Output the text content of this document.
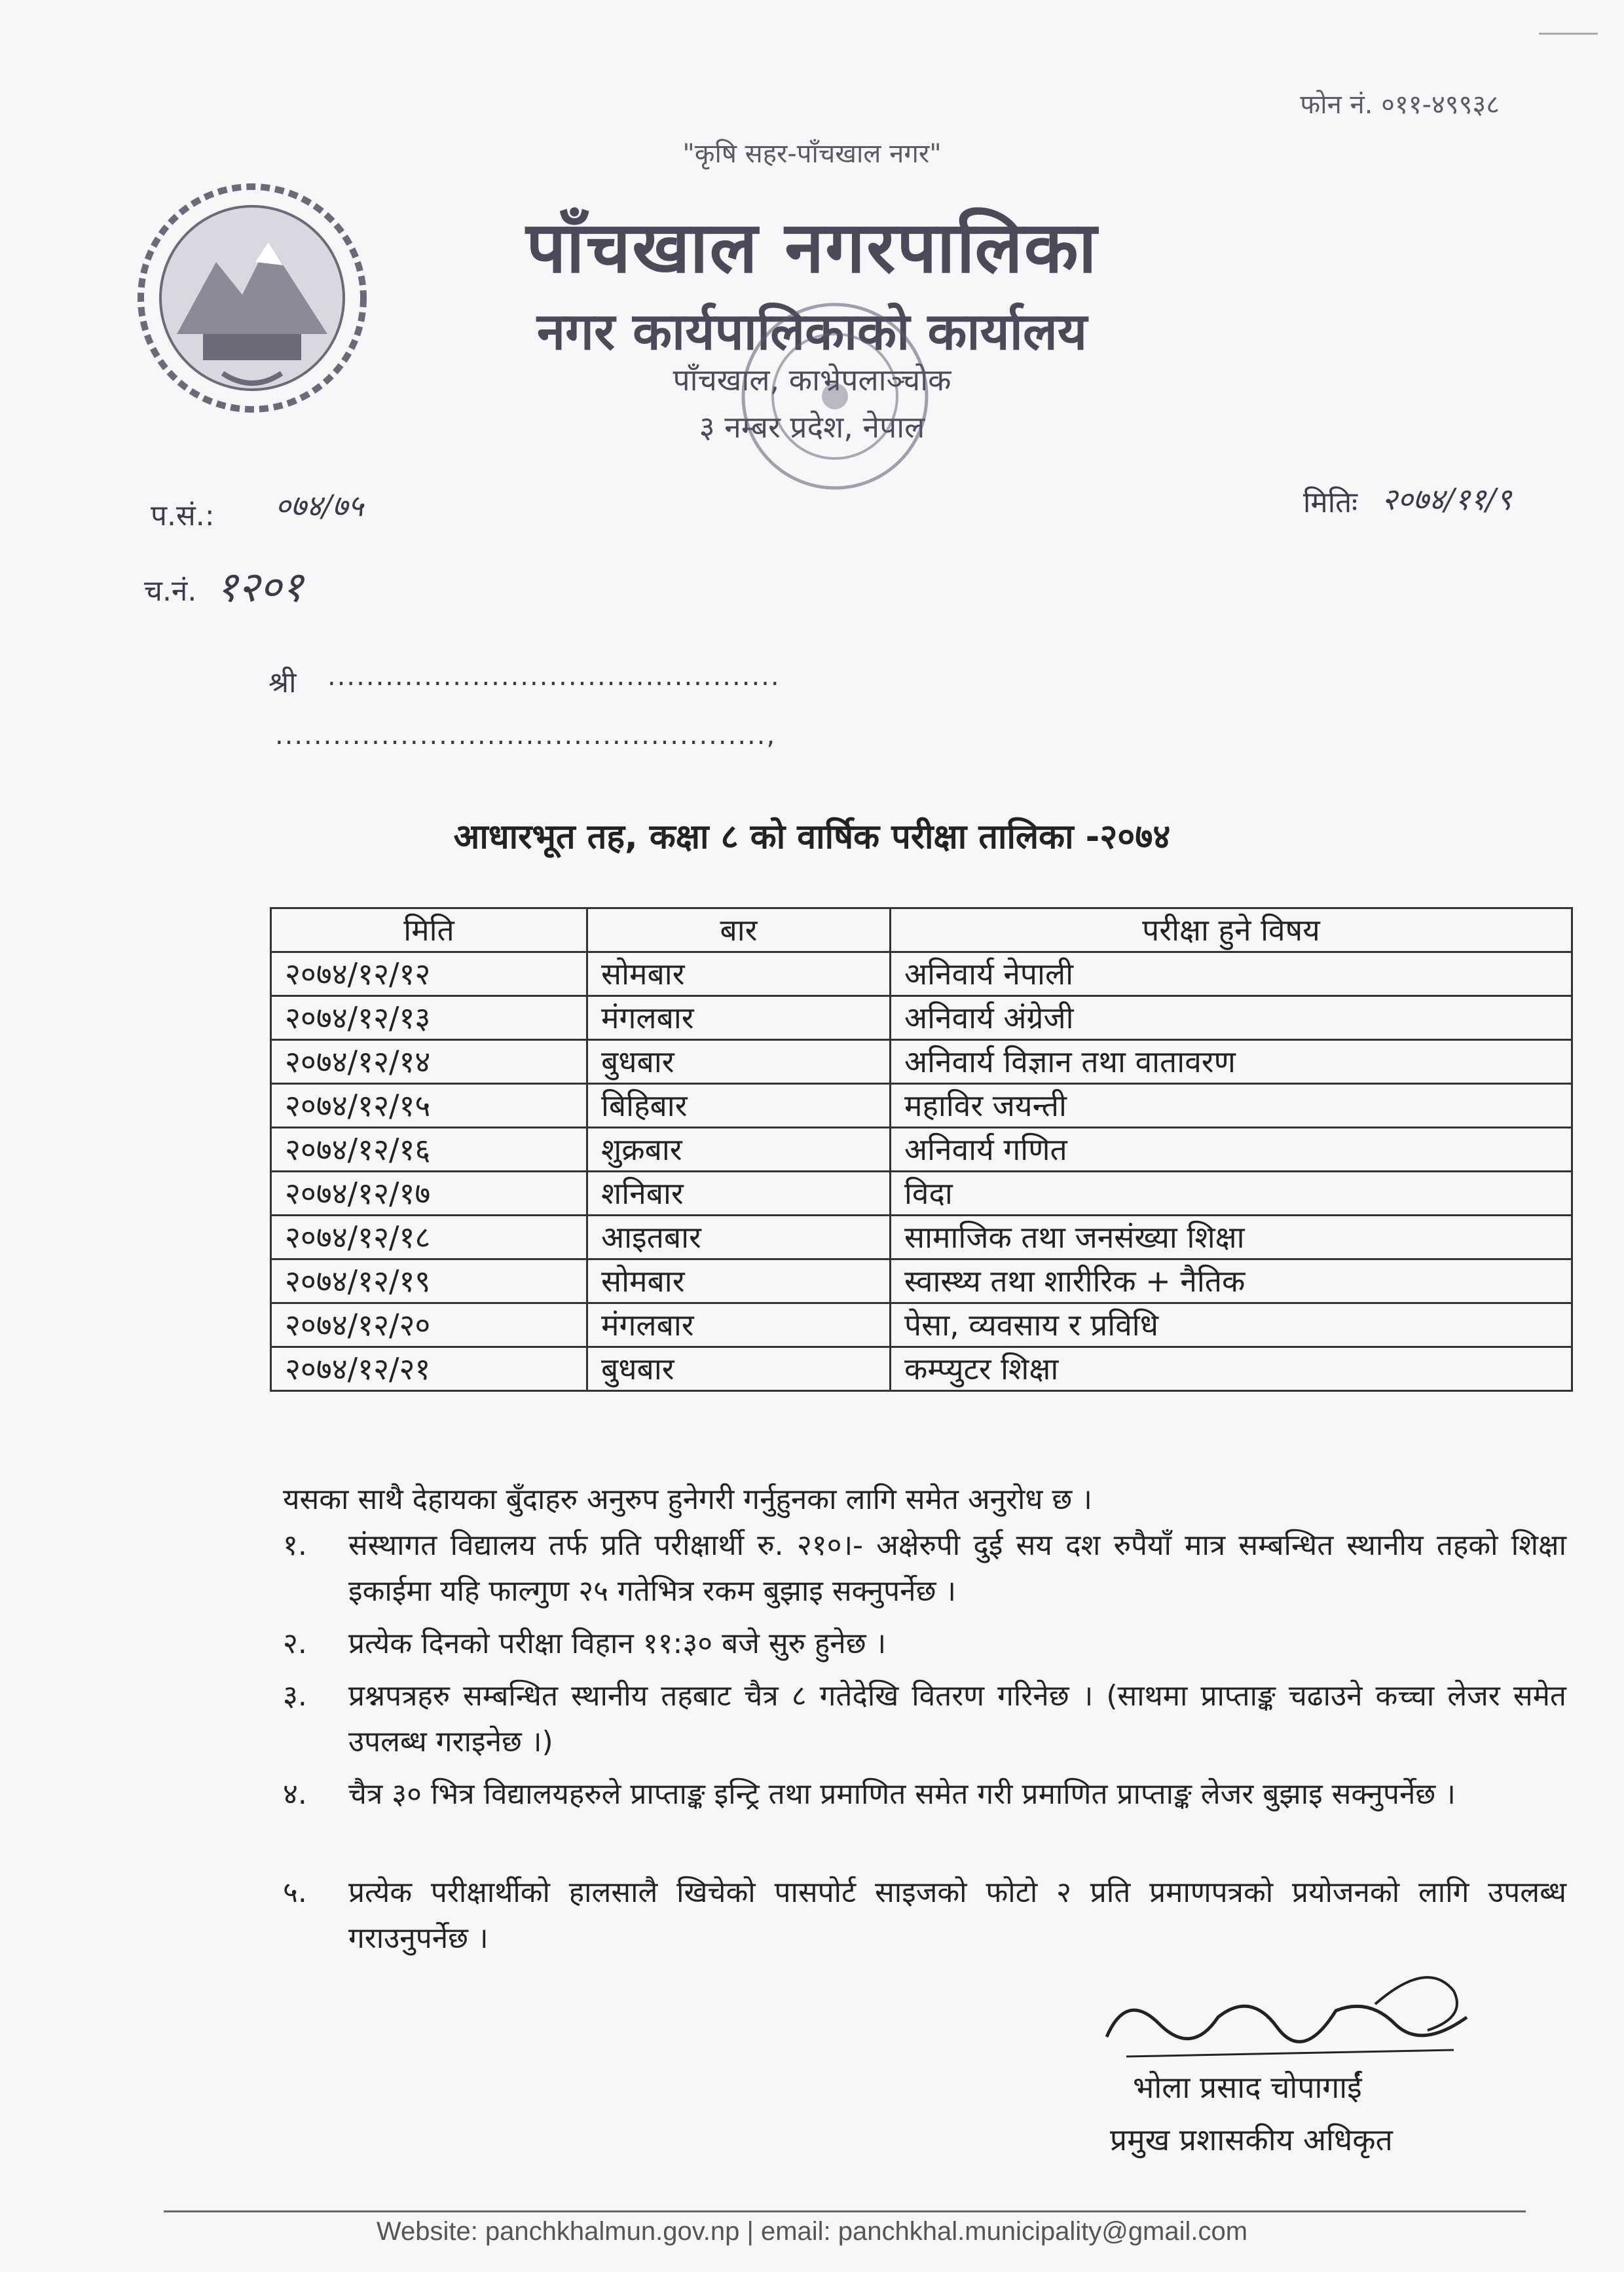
फोन नं. ०११-४९९३८
"कृषि सहर-पाँचखाल नगर"
पाँचखाल नगरपालिका
नगर कार्यपालिकाको कार्यालय
पाँचखाल, काभ्रेपलाञ्चोक
३ नम्बर प्रदेश, नेपाल
प.सं.: ०७४/७५	मितिः २०७४/११/९
च.नं. १२०१
श्री ...............................................
...................................................,
आधारभूत तह, कक्षा ८ को वार्षिक परीक्षा तालिका -२०७४
मिति	बार	परीक्षा हुने विषय
२०७४/१२/१२	सोमबार	अनिवार्य नेपाली
२०७४/१२/१३	मंगलबार	अनिवार्य अंग्रेजी
२०७४/१२/१४	बुधबार	अनिवार्य विज्ञान तथा वातावरण
२०७४/१२/१५	बिहिबार	महाविर जयन्ती
२०७४/१२/१६	शुक्रबार	अनिवार्य गणित
२०७४/१२/१७	शनिबार	विदा
२०७४/१२/१८	आइतबार	सामाजिक तथा जनसंख्या शिक्षा
२०७४/१२/१९	सोमबार	स्वास्थ्य तथा शारीरिक + नैतिक
२०७४/१२/२०	मंगलबार	पेसा, व्यवसाय र प्रविधि
२०७४/१२/२१	बुधबार	कम्प्युटर शिक्षा
यसका साथै देहायका बुँदाहरु अनुरुप हुनेगरी गर्नुहुनका लागि समेत अनुरोध छ ।
१.	संस्थागत विद्यालय तर्फ प्रति परीक्षार्थी रु. २१०।- अक्षेरुपी दुई सय दश रुपैयाँ मात्र सम्बन्धित स्थानीय तहको शिक्षा इकाईमा यहि फाल्गुण २५ गतेभित्र रकम बुझाइ सक्नुपर्नेछ ।
२.	प्रत्येक दिनको परीक्षा विहान ११:३० बजे सुरु हुनेछ ।
३.	प्रश्नपत्रहरु सम्बन्धित स्थानीय तहबाट चैत्र ८ गतेदेखि वितरण गरिनेछ । (साथमा प्राप्ताङ्क चढाउने कच्चा लेजर समेत उपलब्ध गराइनेछ ।)
४.	चैत्र ३० भित्र विद्यालयहरुले प्राप्ताङ्क इन्ट्रि तथा प्रमाणित समेत गरी प्रमाणित प्राप्ताङ्क लेजर बुझाइ सक्नुपर्नेछ ।
५.	प्रत्येक परीक्षार्थीको हालसालै खिचेको पासपोर्ट साइजको फोटो २ प्रति प्रमाणपत्रको प्रयोजनको लागि उपलब्ध गराउनुपर्नेछ ।
भोला प्रसाद चोपागाईं
प्रमुख प्रशासकीय अधिकृत
Website: panchkhalmun.gov.np | email: panchkhal.municipality@gmail.com
